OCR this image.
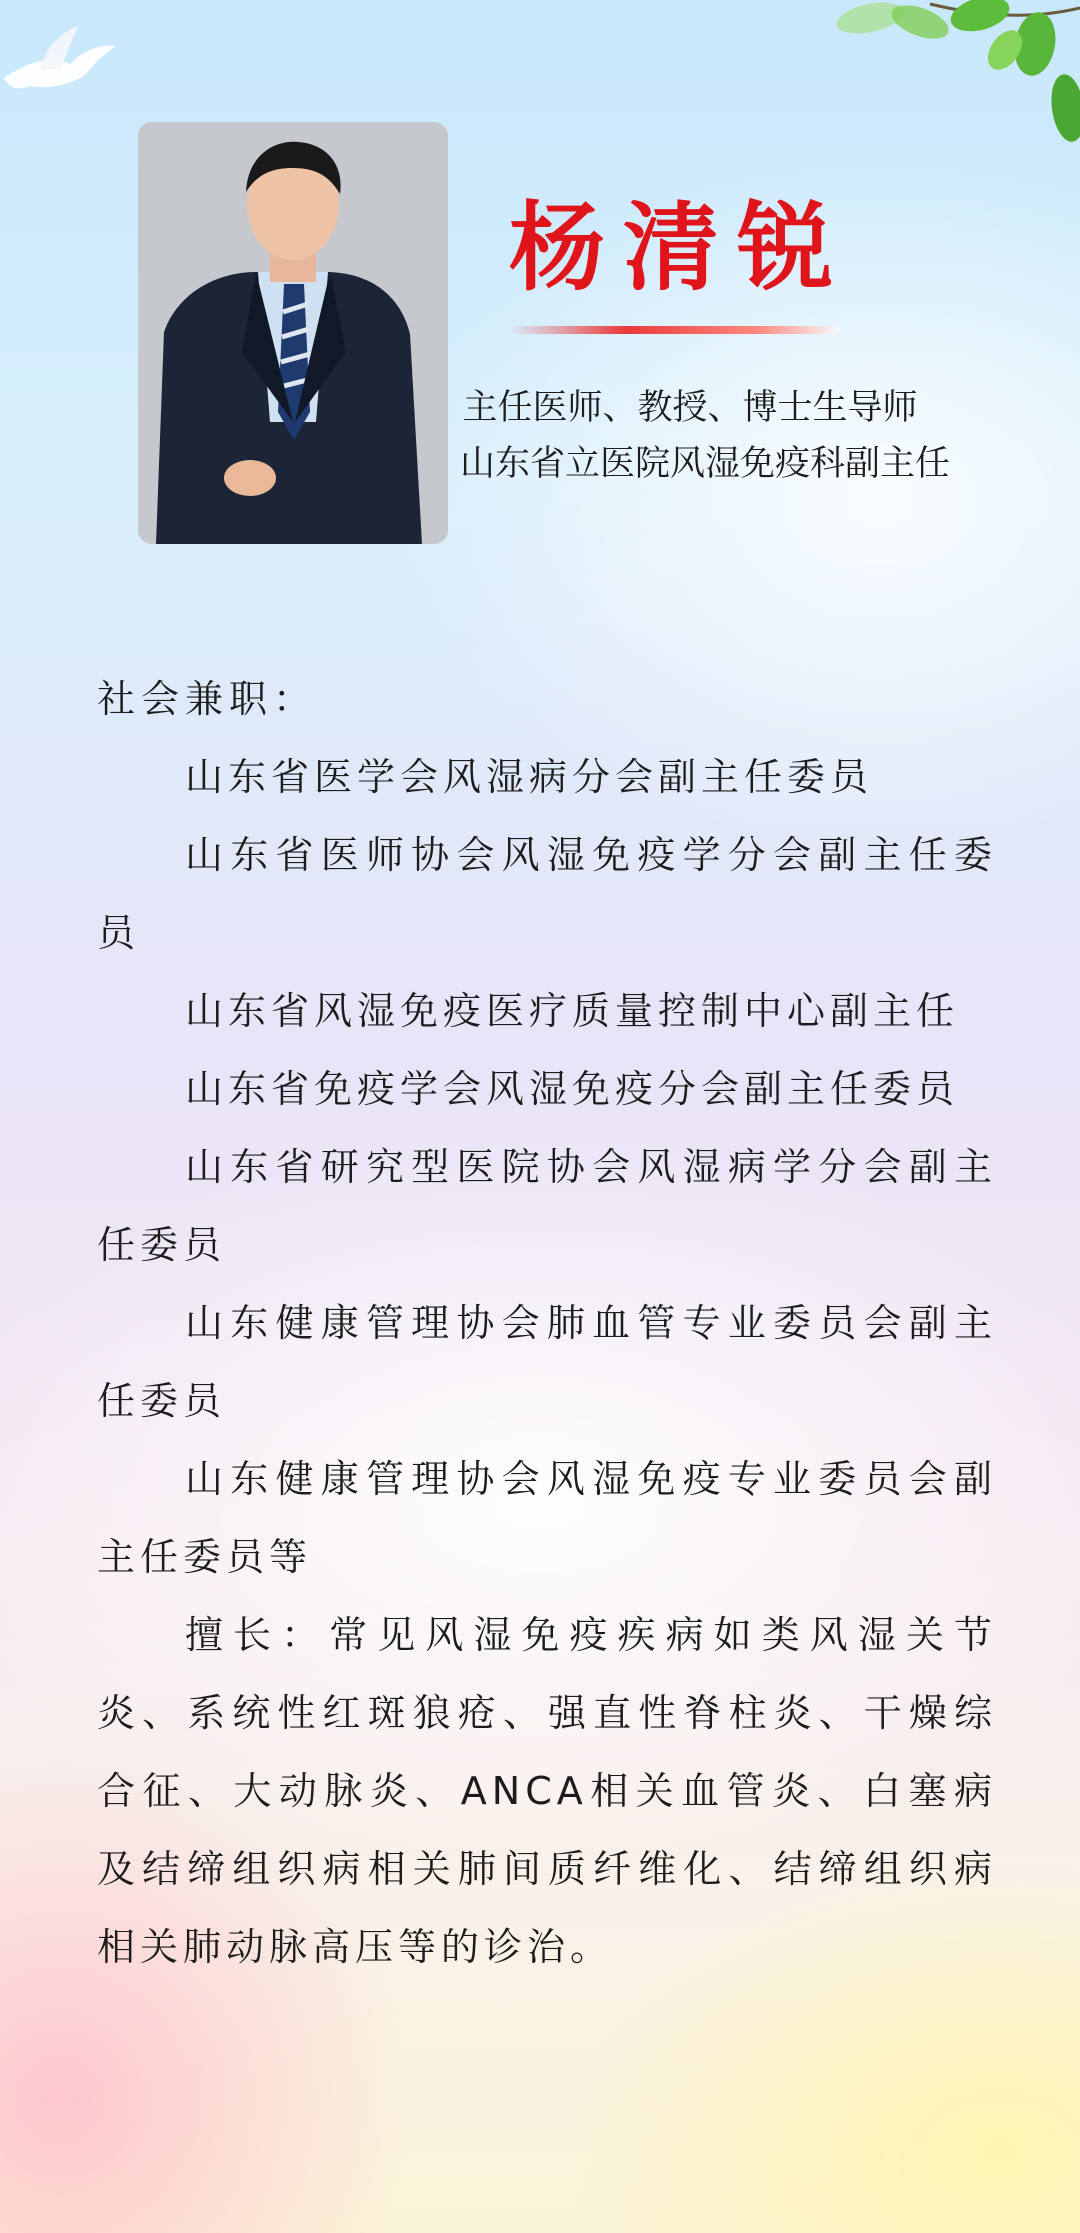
杨清锐
主任医师、教授、博士生导师
山东省立医院风湿免疫科副主任

社会兼职：

山东省医学会风湿病分会副主任委员

山东省医师协会风湿免疫学分会副主任委员

山东省风湿免疫医疗质量控制中心副主任

山东省免疫学会风湿免疫分会副主任委员

山东省研究型医院协会风湿病学分会副主任委员

山东健康管理协会肺血管专业委员会副主任委员

山东健康管理协会风湿免疫专业委员会副主任委员等

擅长：常见风湿免疫疾病如类风湿关节炎、系统性红斑狼疮、强直性脊柱炎、干燥综合征、大动脉炎、ANCA相关血管炎、白塞病及结缔组织病相关肺间质纤维化、结缔组织病相关肺动脉高压等的诊治。
